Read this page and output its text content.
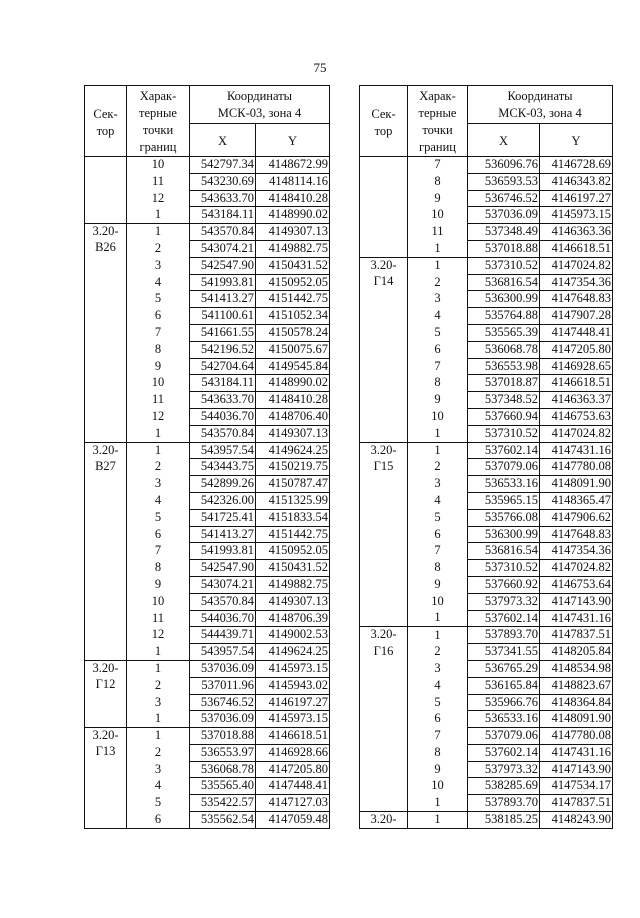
75
Сек-
тор	Харак-
терные
точки
границ	Координаты
МСК-03, зона 4	
		X	Y
	10	542797.34	4148672.99
	11	543230.69	4148114.16
	12	543633.70	4148410.28
	1	543184.11	4148990.02
3.20-	1	543570.84	4149307.13
В26	2	543074.21	4149882.75
	3	542547.90	4150431.52
	4	541993.81	4150952.05
	5	541413.27	4151442.75
	6	541100.61	4151052.34
	7	541661.55	4150578.24
	8	542196.52	4150075.67
	9	542704.64	4149545.84
	10	543184.11	4148990.02
	11	543633.70	4148410.28
	12	544036.70	4148706.40
	1	543570.84	4149307.13
3.20-	1	543957.54	4149624.25
В27	2	543443.75	4150219.75
	3	542899.26	4150787.47
	4	542326.00	4151325.99
	5	541725.41	4151833.54
	6	541413.27	4151442.75
	7	541993.81	4150952.05
	8	542547.90	4150431.52
	9	543074.21	4149882.75
	10	543570.84	4149307.13
	11	544036.70	4148706.39
	12	544439.71	4149002.53
	1	543957.54	4149624.25
3.20-	1	537036.09	4145973.15
Г12	2	537011.96	4145943.02
	3	536746.52	4146197.27
	1	537036.09	4145973.15
3.20-	1	537018.88	4146618.51
Г13	2	536553.97	4146928.66
	3	536068.78	4147205.80
	4	535565.40	4147448.41
	5	535422.57	4147127.03
	6	535562.54	4147059.48
Сек-
тор	Харак-
терные
точки
границ	Координаты
МСК-03, зона 4	
		X	Y
	7	536096.76	4146728.69
	8	536593.53	4146343.82
	9	536746.52	4146197.27
	10	537036.09	4145973.15
	11	537348.49	4146363.36
	1	537018.88	4146618.51
3.20-	1	537310.52	4147024.82
Г14	2	536816.54	4147354.36
	3	536300.99	4147648.83
	4	535764.88	4147907.28
	5	535565.39	4147448.41
	6	536068.78	4147205.80
	7	536553.98	4146928.65
	8	537018.87	4146618.51
	9	537348.52	4146363.37
	10	537660.94	4146753.63
	1	537310.52	4147024.82
3.20-	1	537602.14	4147431.16
Г15	2	537079.06	4147780.08
	3	536533.16	4148091.90
	4	535965.15	4148365.47
	5	535766.08	4147906.62
	6	536300.99	4147648.83
	7	536816.54	4147354.36
	8	537310.52	4147024.82
	9	537660.92	4146753.64
	10	537973.32	4147143.90
	1	537602.14	4147431.16
3.20-	1	537893.70	4147837.51
Г16	2	537341.55	4148205.84
	3	536765.29	4148534.98
	4	536165.84	4148823.67
	5	535966.76	4148364.84
	6	536533.16	4148091.90
	7	537079.06	4147780.08
	8	537602.14	4147431.16
	9	537973.32	4147143.90
	10	538285.69	4147534.17
	1	537893.70	4147837.51
3.20-	1	538185.25	4148243.90
